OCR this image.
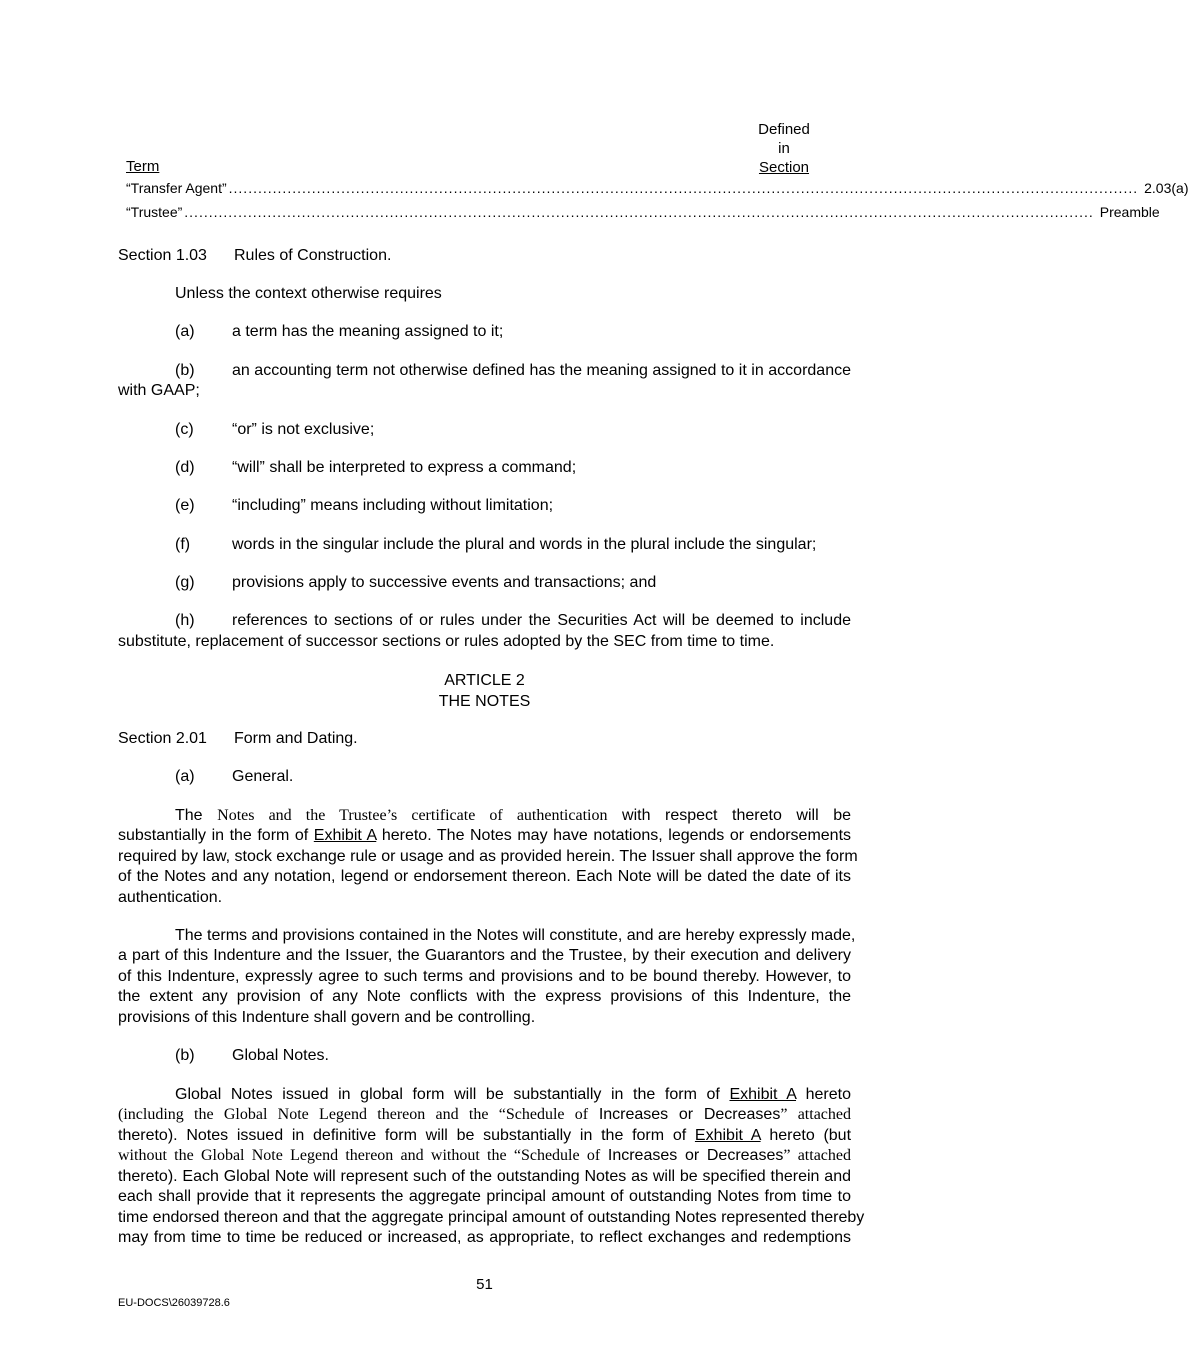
Defined
in
Term	Section
“Transfer Agent” .......................................................................................................................................................................................... 2.03(a)
“Trustee” .......................................................................................................................................................................................... Preamble
Section 1.03 Rules of Construction.
Unless the context otherwise requires
(a) a term has the meaning assigned to it;
(b) an accounting term not otherwise defined has the meaning assigned to it in accordance
with GAAP;
(c) “or” is not exclusive;
(d) “will” shall be interpreted to express a command;
(e) “including” means including without limitation;
(f)	words in the singular include the plural and words in the plural include the singular;
(g) provisions apply to successive events and transactions; and
(h) references to sections of or rules under the Securities Act will be deemed to include
substitute, replacement of successor sections or rules adopted by the SEC from time to time.
ARTICLE 2
THE NOTES
Section 2.01 Form and Dating.
(a) General.
The Notes and the Trustee’s certificate of authentication with respect thereto will be
substantially in the form of Exhibit A hereto. The Notes may have notations, legends or endorsements
required by law, stock exchange rule or usage and as provided herein. The Issuer shall approve the form
of the Notes and any notation, legend or endorsement thereon. Each Note will be dated the date of its
authentication.
The terms and provisions contained in the Notes will constitute, and are hereby expressly made,
a part of this Indenture and the Issuer, the Guarantors and the Trustee, by their execution and delivery
of this Indenture, expressly agree to such terms and provisions and to be bound thereby. However, to
the extent any provision of any Note conflicts with the express provisions of this Indenture, the
provisions of this Indenture shall govern and be controlling.
(b) Global Notes.
Global Notes issued in global form will be substantially in the form of Exhibit A hereto
(including the Global Note Legend thereon and the “Schedule of Increases or Decreases” attached
thereto). Notes issued in definitive form will be substantially in the form of Exhibit A hereto (but
without the Global Note Legend thereon and without the “Schedule of Increases or Decreases” attached
thereto). Each Global Note will represent such of the outstanding Notes as will be specified therein and
each shall provide that it represents the aggregate principal amount of outstanding Notes from time to
time endorsed thereon and that the aggregate principal amount of outstanding Notes represented thereby
may from time to time be reduced or increased, as appropriate, to reflect exchanges and redemptions
51
EU-DOCS\26039728.6
